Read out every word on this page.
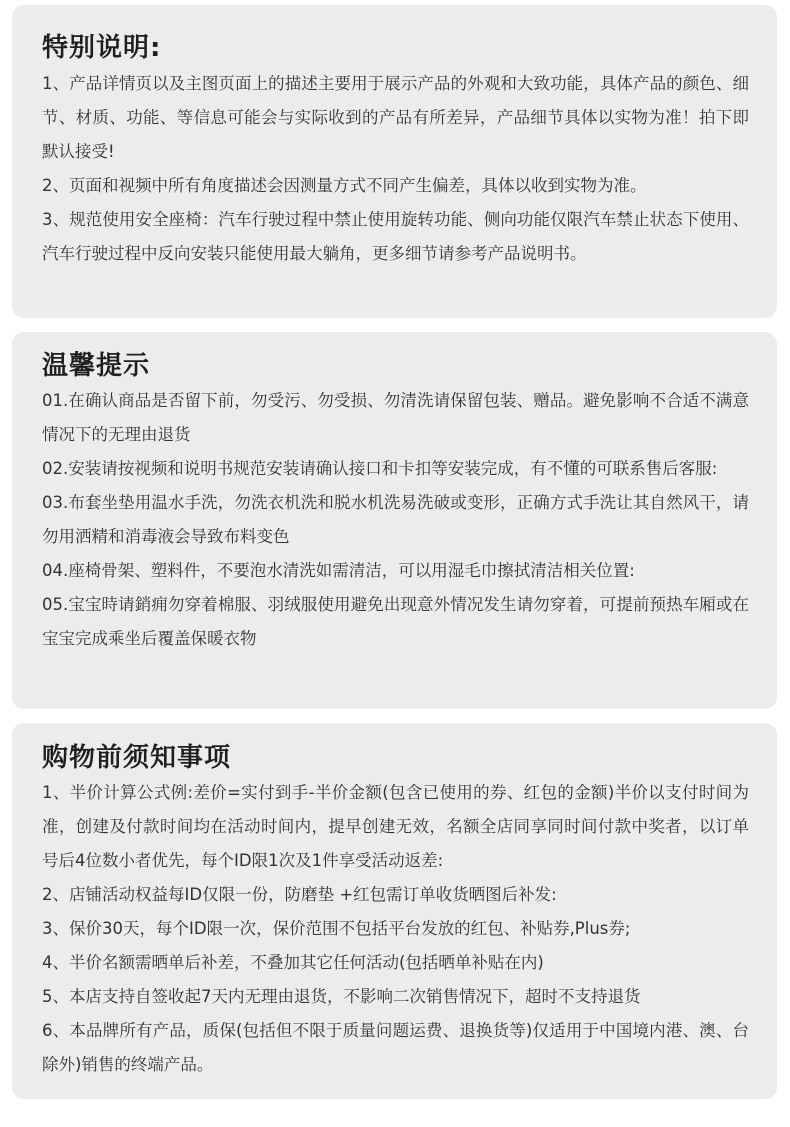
特别说明:

1、产品详情页以及主图页面上的描述主要用于展示产品的外观和大致功能，具体产品的颜色、细节、材质、功能、等信息可能会与实际收到的产品有所差异，产品细节具体以实物为准！拍下即默认接受!

2、页面和视频中所有角度描述会因测量方式不同产生偏差，具体以收到实物为准。

3、规范使用安全座椅：汽车行驶过程中禁止使用旋转功能、侧向功能仅限汽车禁止状态下使用、汽车行驶过程中反向安装只能使用最大躺角，更多细节请参考产品说明书。

温馨提示

01.在确认商品是否留下前，勿受污、勿受损、勿清洗请保留包装、赠品。避免影响不合适不满意情况下的无理由退货

02.安装请按视频和说明书规范安装请确认接口和卡扣等安装完成，有不懂的可联系售后客服:

03.布套坐垫用温水手洗，勿洗衣机洗和脱水机洗易洗破或变形，正确方式手洗让其自然风干，请勿用洒精和消毒液会导致布料变色

04.座椅骨架、塑料件，不要泡水清洗如需清洁，可以用湿毛巾擦拭清洁相关位置:

05.宝宝時请銷痈勿穿着棉服、羽绒服使用避免出现意外情况发生请勿穿着，可提前预热车厢或在宝宝完成乘坐后覆盖保暖衣物

购物前须知事项

1、半价计算公式例:差价=实付到手-半价金额(包含已使用的券、红包的金额)半价以支付时间为准，创建及付款时间均在活动时间内，提早创建无效，名额全店同享同时间付款中奖者，以订单号后4位数小者优先，每个ID限1次及1件享受活动返差:

2、店铺活动权益每ID仅限一份，防磨垫 +红包需订单收货晒图后补发:

3、保价30天，每个ID限一次，保价范围不包括平台发放的红包、补贴券,Plus券;

4、半价名额需晒单后补差，不叠加其它任何活动(包括晒单补贴在内)

5、本店支持自签收起7天内无理由退货，不影响二次销售情况下，超时不支持退货

6、本品牌所有产品，质保(包括但不限于质量问题运费、退换货等)仅适用于中国境内港、澳、台除外)销售的终端产品。
